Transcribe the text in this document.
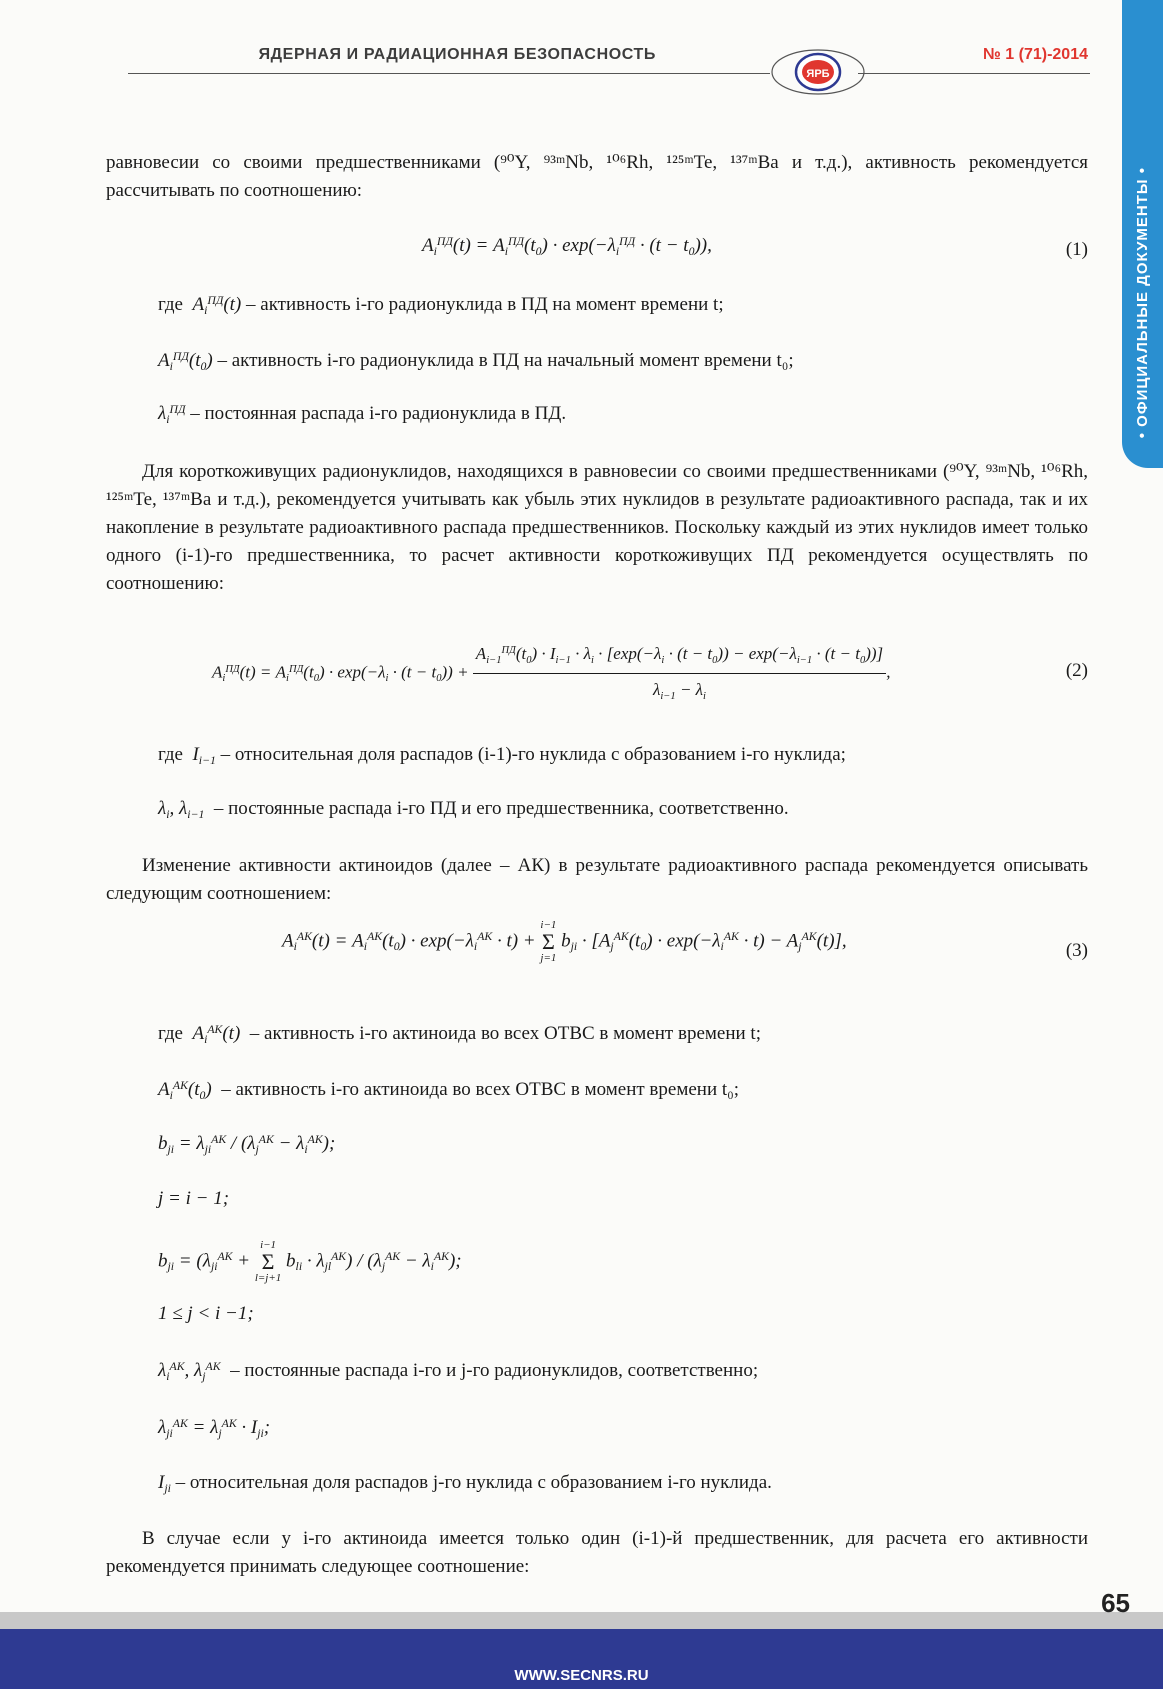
ЯДЕРНАЯ И РАДИАЦИОННАЯ БЕЗОПАСНОСТЬ
ЯРБ
№ 1 (71)-2014
• ОФИЦИАЛЬНЫЕ ДОКУМЕНТЫ •
равновесии со своими предшественниками (⁹⁰Y, ⁹³ᵐNb, ¹⁰⁶Rh, ¹²⁵ᵐTe, ¹³⁷ᵐBa и т.д.), активность рекомендуется рассчитывать по соотношению:
$A_i^{ПД}(t) = A_i^{ПД}(t_0) \cdot \exp(-\lambda_i^{ПД} \cdot (t - t_0))$,	(1)
где  $A_i^{ПД}(t)$ – активность i-го радионуклида в ПД на момент времени t;
$A_i^{ПД}(t_0)$ – активность i-го радионуклида в ПД на начальный момент времени t₀;
$\lambda_i^{ПД}$ – постоянная распада i-го радионуклида в ПД.
Для короткоживущих радионуклидов, находящихся в равновесии со своими предшественниками (⁹⁰Y, ⁹³ᵐNb, ¹⁰⁶Rh, ¹²⁵ᵐTe, ¹³⁷ᵐBa и т.д.), рекомендуется учитывать как убыль этих нуклидов в результате радиоактивного распада, так и их накопление в результате радиоактивного распада предшественников. Поскольку каждый из этих нуклидов имеет только одного (i-1)-го предшественника, то расчет активности короткоживущих ПД рекомендуется осуществлять по соотношению:
$A_i^{ПД}(t) = A_i^{ПД}(t_0) \cdot \exp(-\lambda_i \cdot (t - t_0))$ +
$A_{i-1}^{ПД}(t_0) \cdot I_{i-1} \cdot \lambda_i \cdot [\exp(-\lambda_i \cdot (t - t_0)) - \exp(-\lambda_{i-1} \cdot (t - t_0))]$
$\lambda_{i-1} - \lambda_i$
,	(2)
где  $I_{i-1}$ – относительная доля распадов (i-1)-го нуклида с образованием i-го нуклида;
$\lambda_i$, $\lambda_{i-1}$ – постоянные распада i-го ПД и его предшественника, соответственно.
Изменение активности актиноидов (далее – АК) в результате радиоактивного распада рекомендуется описывать следующим соотношением:
$A_i^{АК}(t) = A_i^{АК}(t_0) \cdot \exp(-\lambda_i^{АК} \cdot t)$ +
i−1
Σ
j=1
$b_{ji} \cdot [A_j^{АК}(t_0) \cdot \exp(-\lambda_i^{АК} \cdot t) - A_j^{АК}(t)]$,	(3)
где  $A_i^{АК}(t)$ – активность i-го актиноида во всех ОТВС в момент времени t;
$A_i^{АК}(t_0)$ – активность i-го актиноида во всех ОТВС в момент времени t₀;
$b_{ji} = \lambda_{ji}^{АК} / (\lambda_j^{АК} - \lambda_i^{АК})$;
j = i − 1;
$b_{ji} = (\lambda_{ji}^{АК}$ +
i−1
Σ
l=j+1
$b_{li} \cdot \lambda_{jl}^{АК}) / (\lambda_j^{АК} - \lambda_i^{АК})$;
1 ≤ j < i −1;
$\lambda_i^{АК}$, $\lambda_j^{АК}$ – постоянные распада i-го и j-го радионуклидов, соответственно;
$\lambda_{ji}^{АК} = \lambda_j^{АК} \cdot I_{ji}$;
$I_{ji}$ – относительная доля распадов j-го нуклида с образованием i-го нуклида.
В случае если у i-го актиноида имеется только один (i-1)-й предшественник, для расчета его активности рекомендуется принимать следующее соотношение:
65
